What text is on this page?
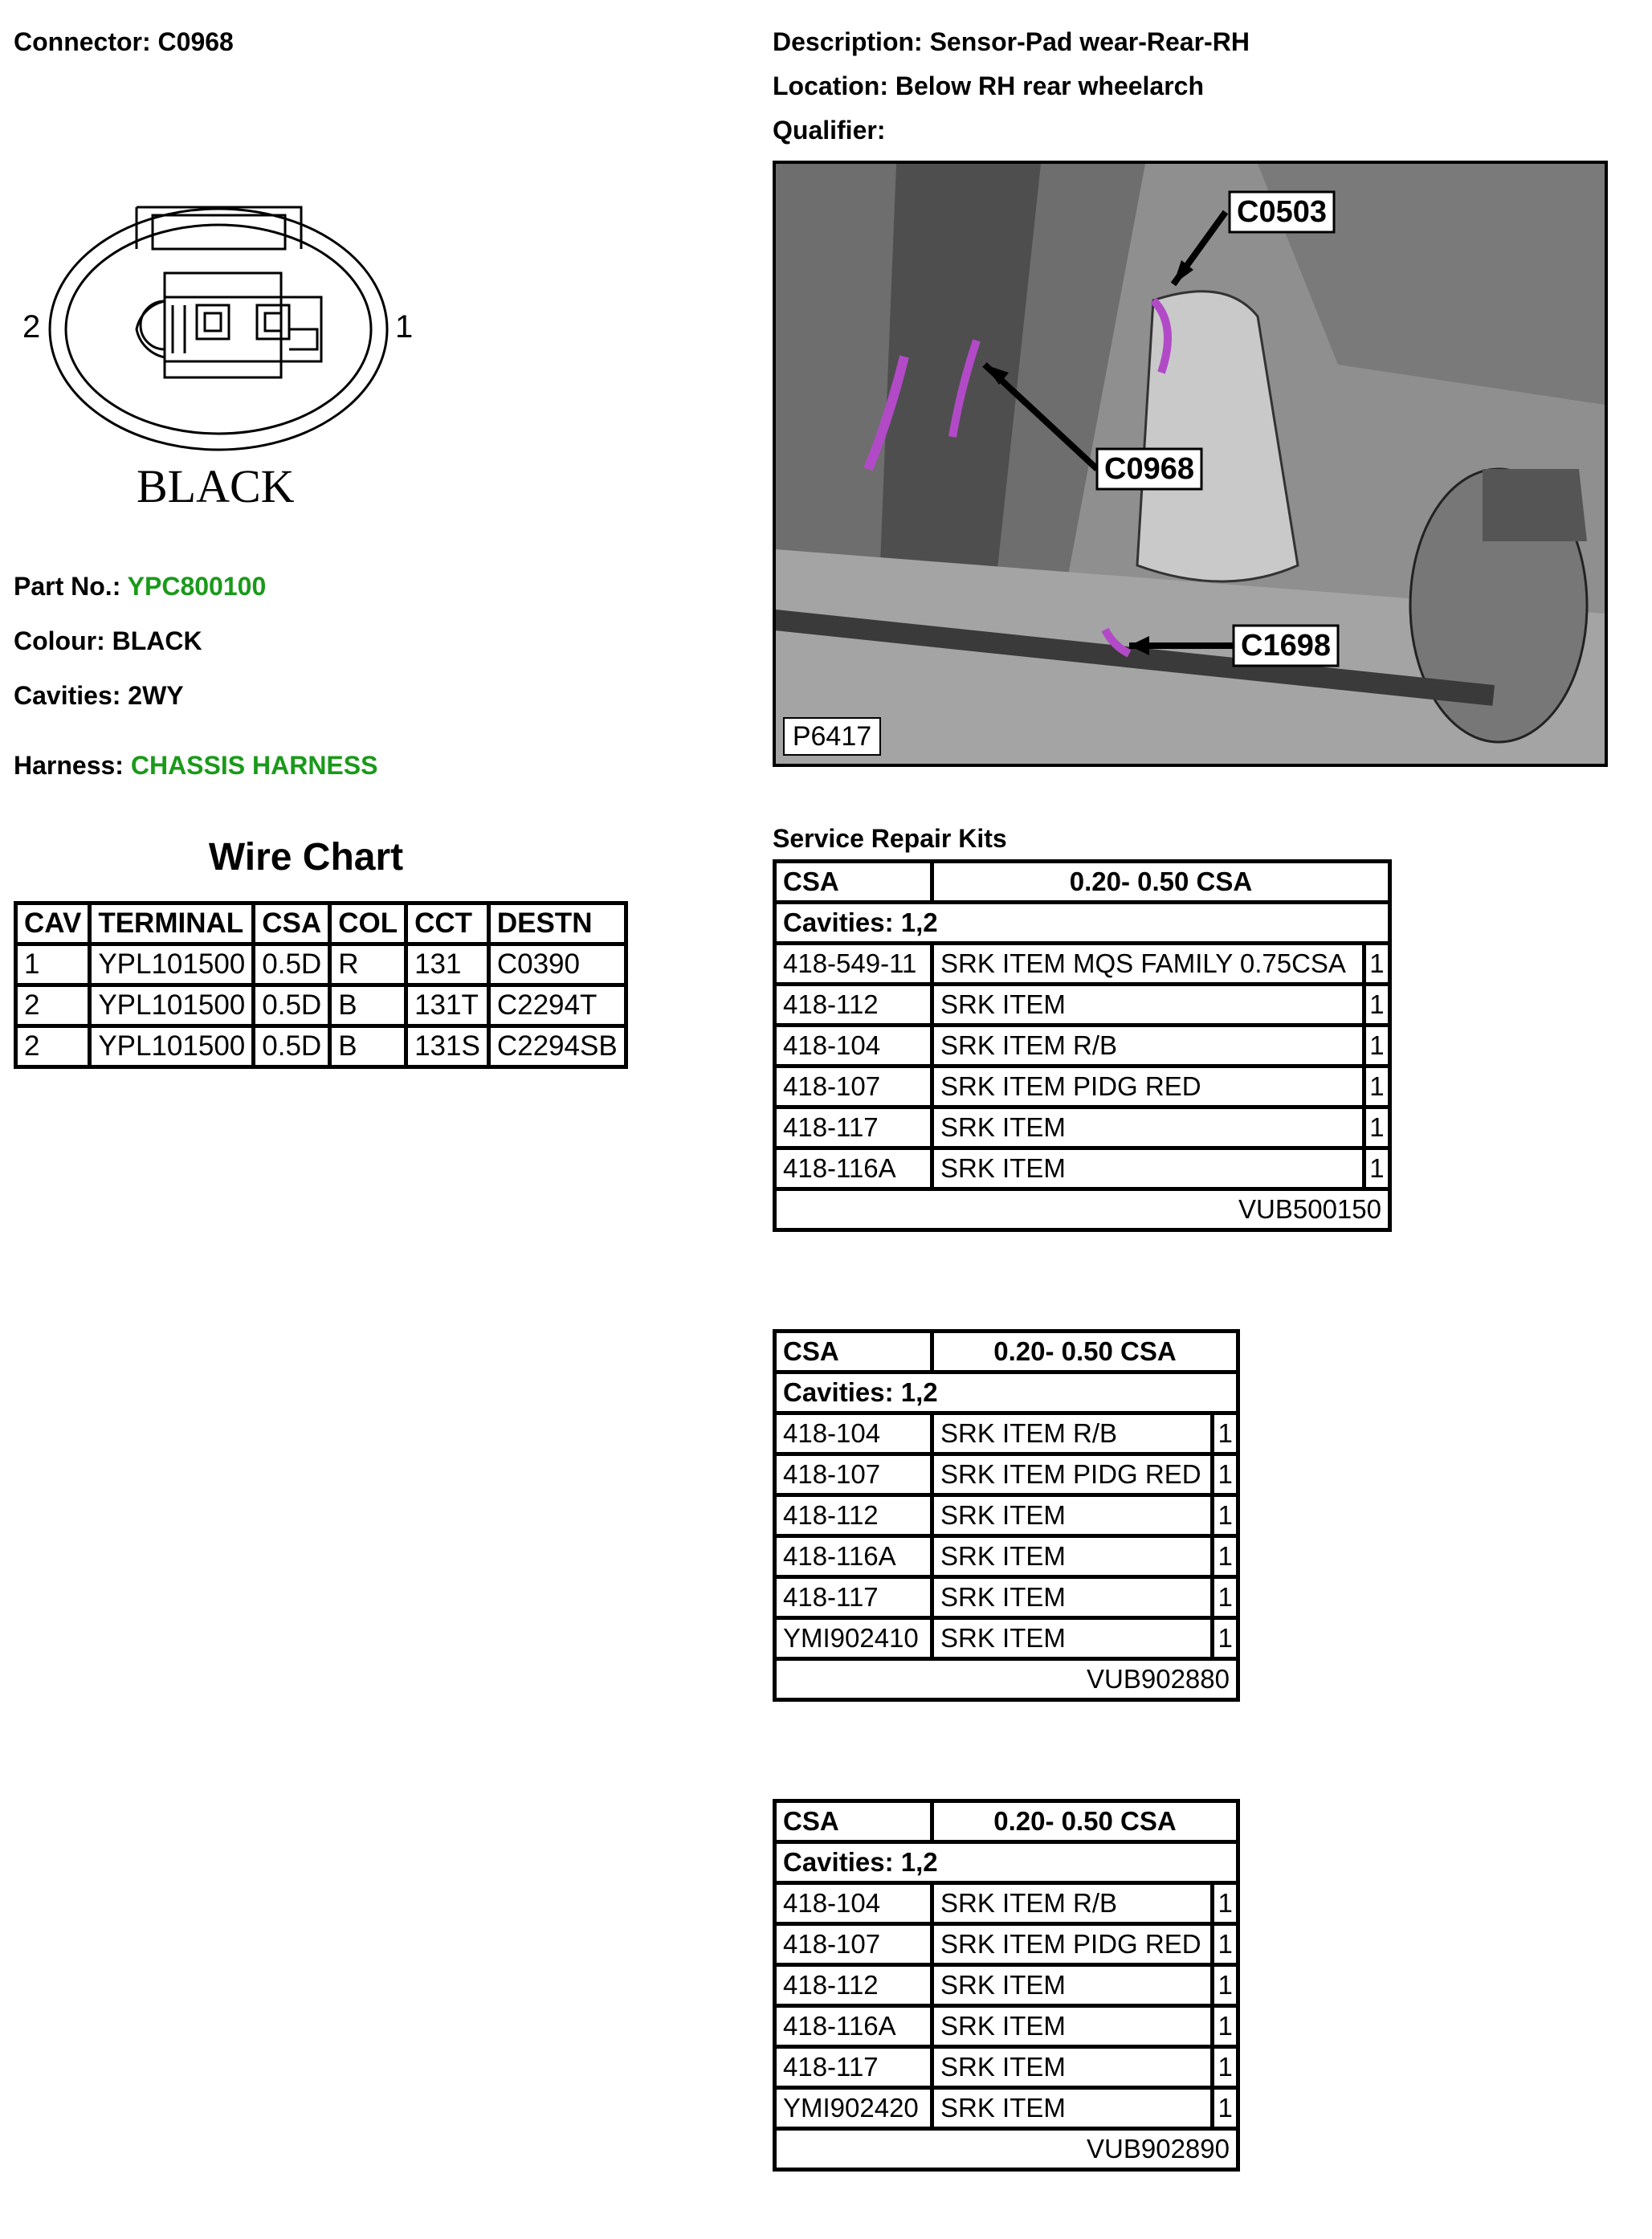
Connector: C0968	Description: Sensor-Pad wear-Rear-RH
Location: Below RH rear wheelarch
Qualifier:
2	1
BLACK
Part No.: YPC800100
Colour: BLACK
Cavities: 2WY
Harness: CHASSIS HARNESS
C0503
C0968
C1698
P6417
Wire Chart
CAV	TERMINAL	CSA	COL	CCT	DESTN
1	YPL101500	0.5D	R	131	C0390
2	YPL101500	0.5D	B	131T	C2294T
2	YPL101500	0.5D	B	131S	C2294SB
Service Repair Kits
CSA	0.20- 0.50 CSA	
Cavities: 1,2		
418-549-11	SRK ITEM MQS FAMILY 0.75CSA	1
418-112	SRK ITEM	1
418-104	SRK ITEM R/B	1
418-107	SRK ITEM PIDG RED	1
418-117	SRK ITEM	1
418-116A	SRK ITEM	1
VUB500150		
CSA	0.20- 0.50 CSA	
Cavities: 1,2		
418-104	SRK ITEM R/B	1
418-107	SRK ITEM PIDG RED	1
418-112	SRK ITEM	1
418-116A	SRK ITEM	1
418-117	SRK ITEM	1
YMI902410	SRK ITEM	1
VUB902880		
CSA	0.20- 0.50 CSA	
Cavities: 1,2		
418-104	SRK ITEM R/B	1
418-107	SRK ITEM PIDG RED	1
418-112	SRK ITEM	1
418-116A	SRK ITEM	1
418-117	SRK ITEM	1
YMI902420	SRK ITEM	1
VUB902890		
